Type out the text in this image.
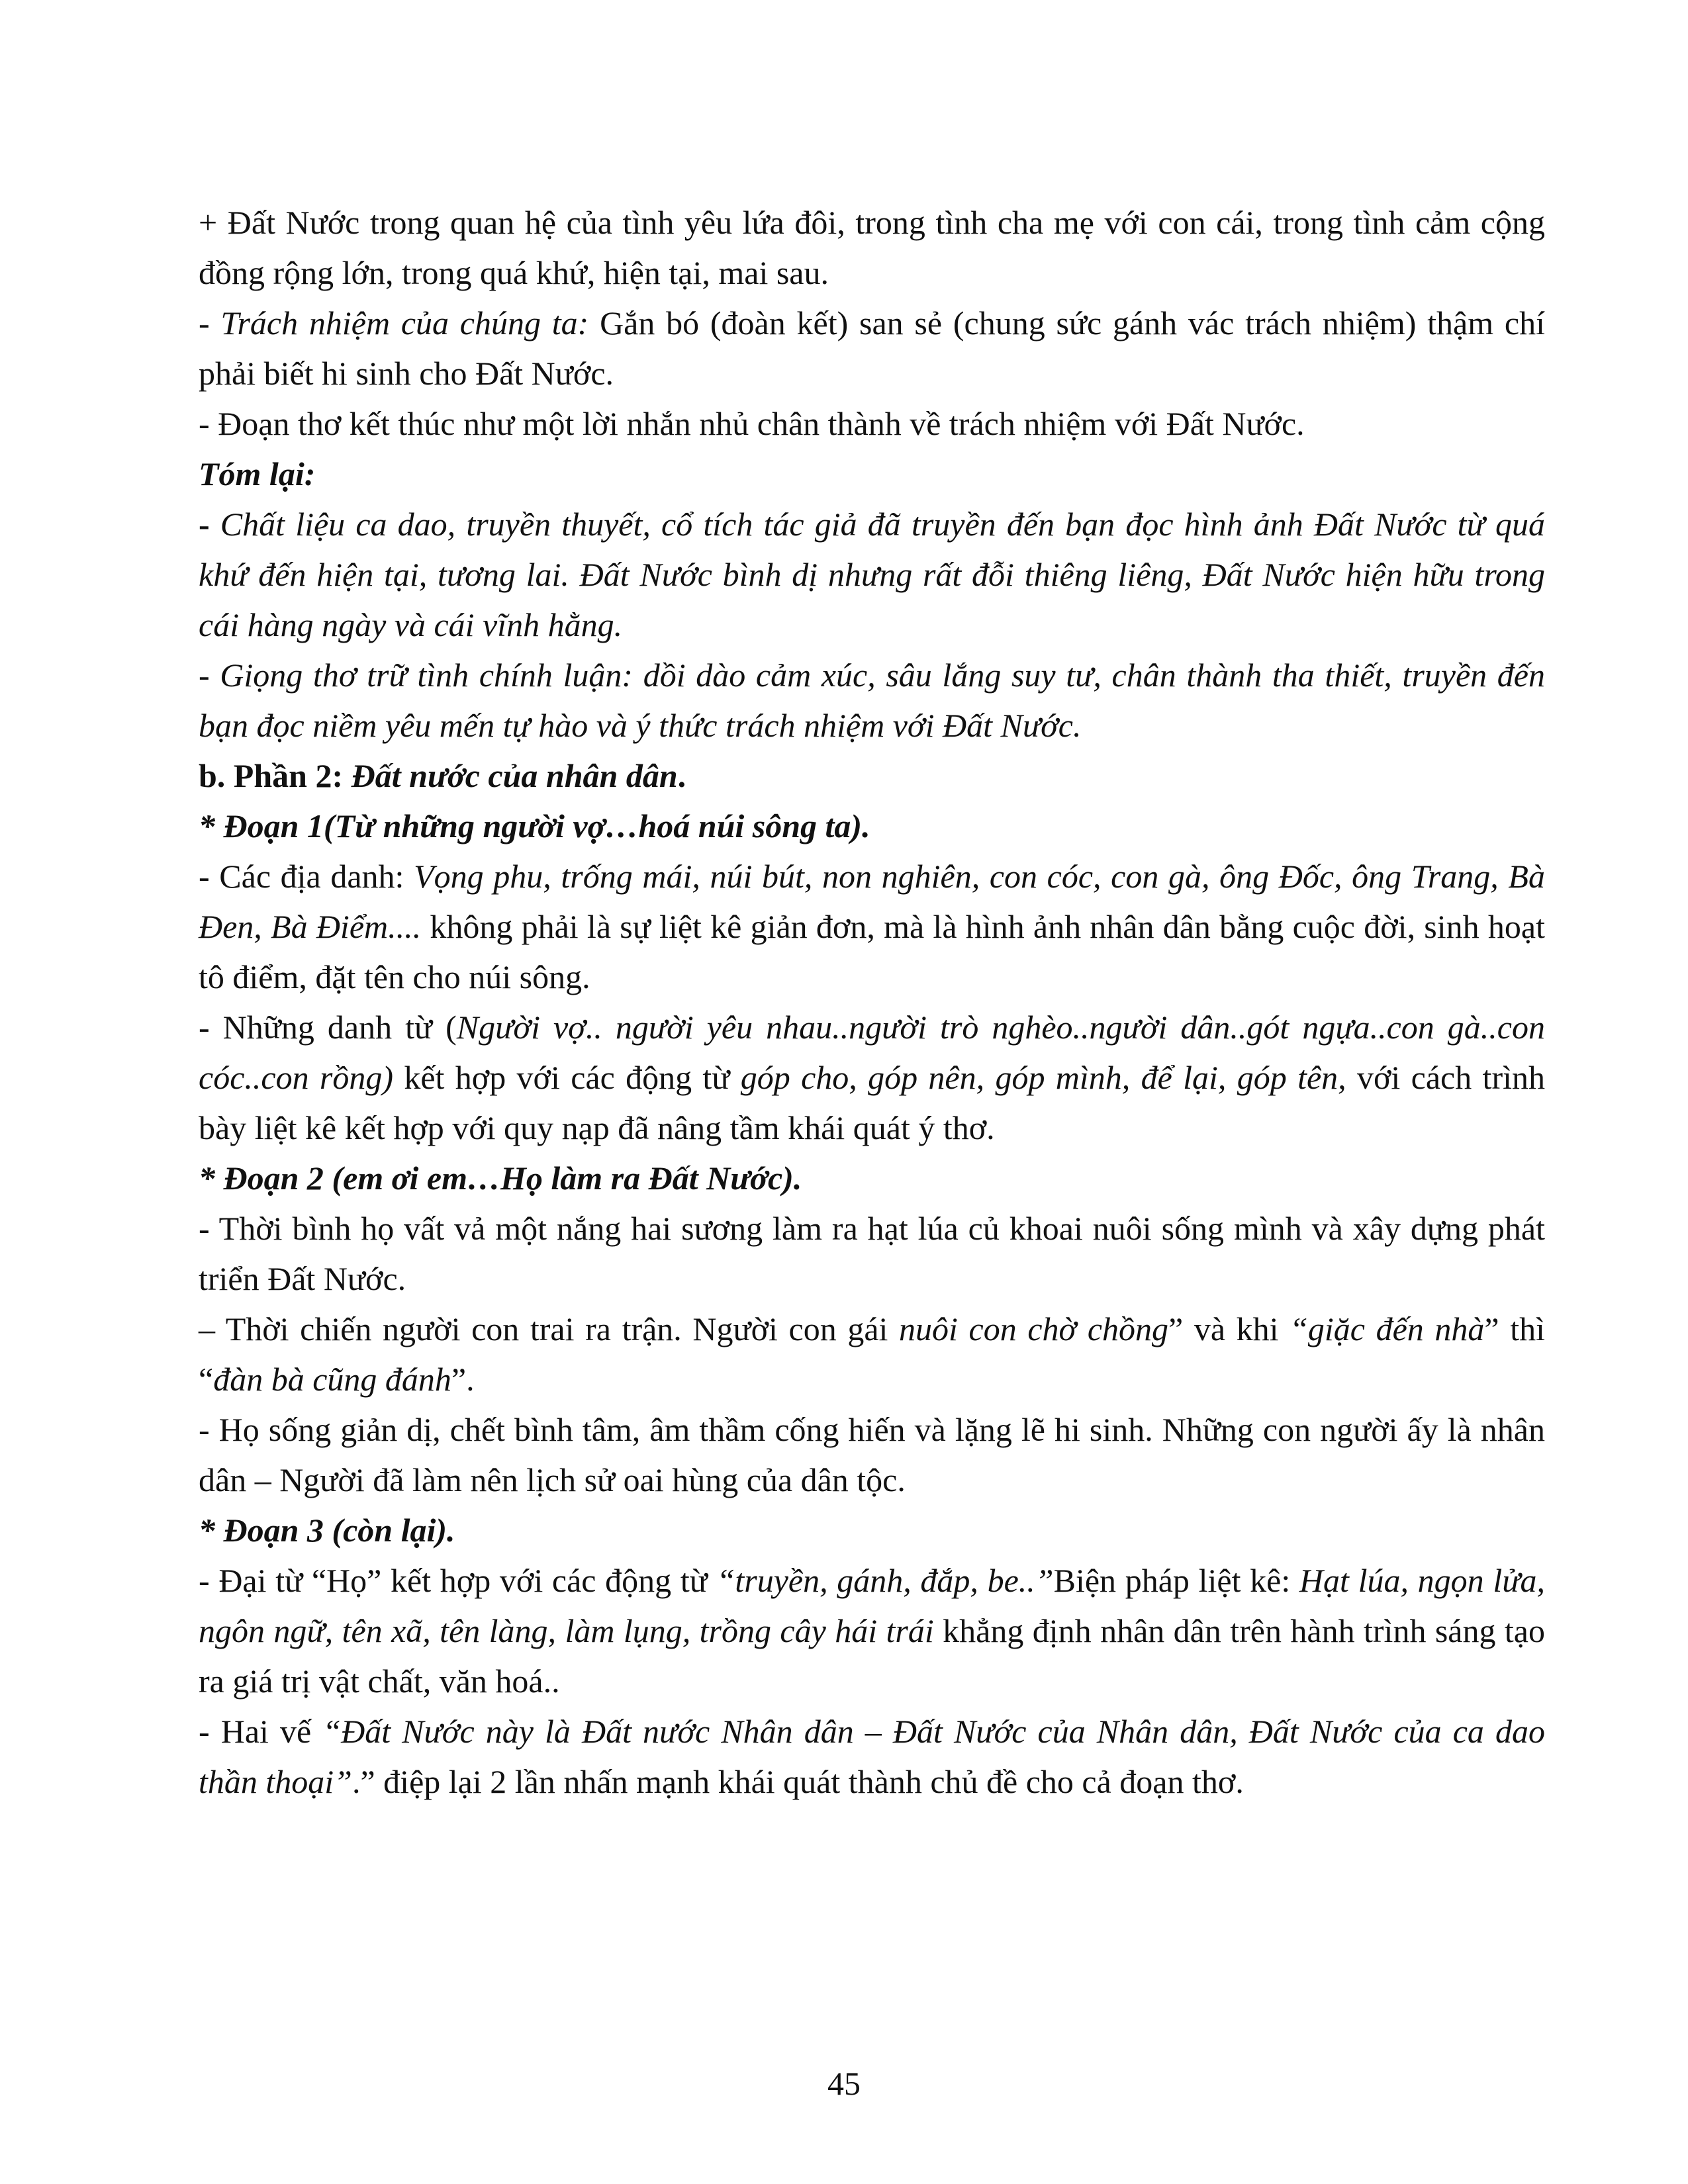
+ Đất Nước trong quan hệ của tình yêu lứa đôi, trong tình cha mẹ với con cái, trong tình cảm cộng đồng rộng lớn, trong quá khứ, hiện tại, mai sau.

- Trách nhiệm của chúng ta: Gắn bó (đoàn kết) san sẻ (chung sức gánh vác trách nhiệm) thậm chí phải biết hi sinh cho Đất Nước.

- Đoạn thơ kết thúc như một lời nhắn nhủ chân thành về trách nhiệm với Đất Nước.

Tóm lại:

- Chất liệu ca dao, truyền thuyết, cổ tích tác giả đã truyền đến bạn đọc hình ảnh Đất Nước từ quá khứ đến hiện tại, tương lai. Đất Nước bình dị nhưng rất đỗi thiêng liêng, Đất Nước hiện hữu trong cái hàng ngày và cái vĩnh hằng.

- Giọng thơ trữ tình chính luận: dồi dào cảm xúc, sâu lắng suy tư, chân thành tha thiết, truyền đến bạn đọc niềm yêu mến tự hào và ý thức trách nhiệm với Đất Nước.

b. Phần 2: Đất nước của nhân dân.

* Đoạn 1(Từ những người vợ…hoá núi sông ta).

- Các địa danh: Vọng phu, trống mái, núi bút, non nghiên, con cóc, con gà, ông Đốc, ông Trang, Bà Đen, Bà Điểm.... không phải là sự liệt kê giản đơn, mà là hình ảnh nhân dân bằng cuộc đời, sinh hoạt tô điểm, đặt tên cho núi sông.

- Những danh từ (Người vợ.. người yêu nhau..người trò nghèo..người dân..gót ngựa..con gà..con cóc..con rồng) kết hợp với các động từ góp cho, góp nên, góp mình, để lại, góp tên, với cách trình bày liệt kê kết hợp với quy nạp đã nâng tầm khái quát ý thơ.

* Đoạn 2 (em ơi em…Họ làm ra Đất Nước).

- Thời bình họ vất vả một nắng hai sương làm ra hạt lúa củ khoai nuôi sống mình và xây dựng phát triển Đất Nước.

– Thời chiến người con trai ra trận. Người con gái nuôi con chờ chồng” và khi “giặc đến nhà” thì “đàn bà cũng đánh”.

- Họ sống giản dị, chết bình tâm, âm thầm cống hiến và lặng lẽ hi sinh. Những con người ấy là nhân dân – Người đã làm nên lịch sử oai hùng của dân tộc.

* Đoạn 3 (còn lại).

- Đại từ “Họ” kết hợp với các động từ “truyền, gánh, đắp, be..”Biện pháp liệt kê: Hạt lúa, ngọn lửa, ngôn ngữ, tên xã, tên làng, làm lụng, trồng cây hái trái khẳng định nhân dân trên hành trình sáng tạo ra giá trị vật chất, văn hoá..

- Hai vế “Đất Nước này là Đất nước Nhân dân – Đất Nước của Nhân dân, Đất Nước của ca dao thần thoại”.” điệp lại 2 lần nhấn mạnh khái quát thành chủ đề cho cả đoạn thơ.

45
